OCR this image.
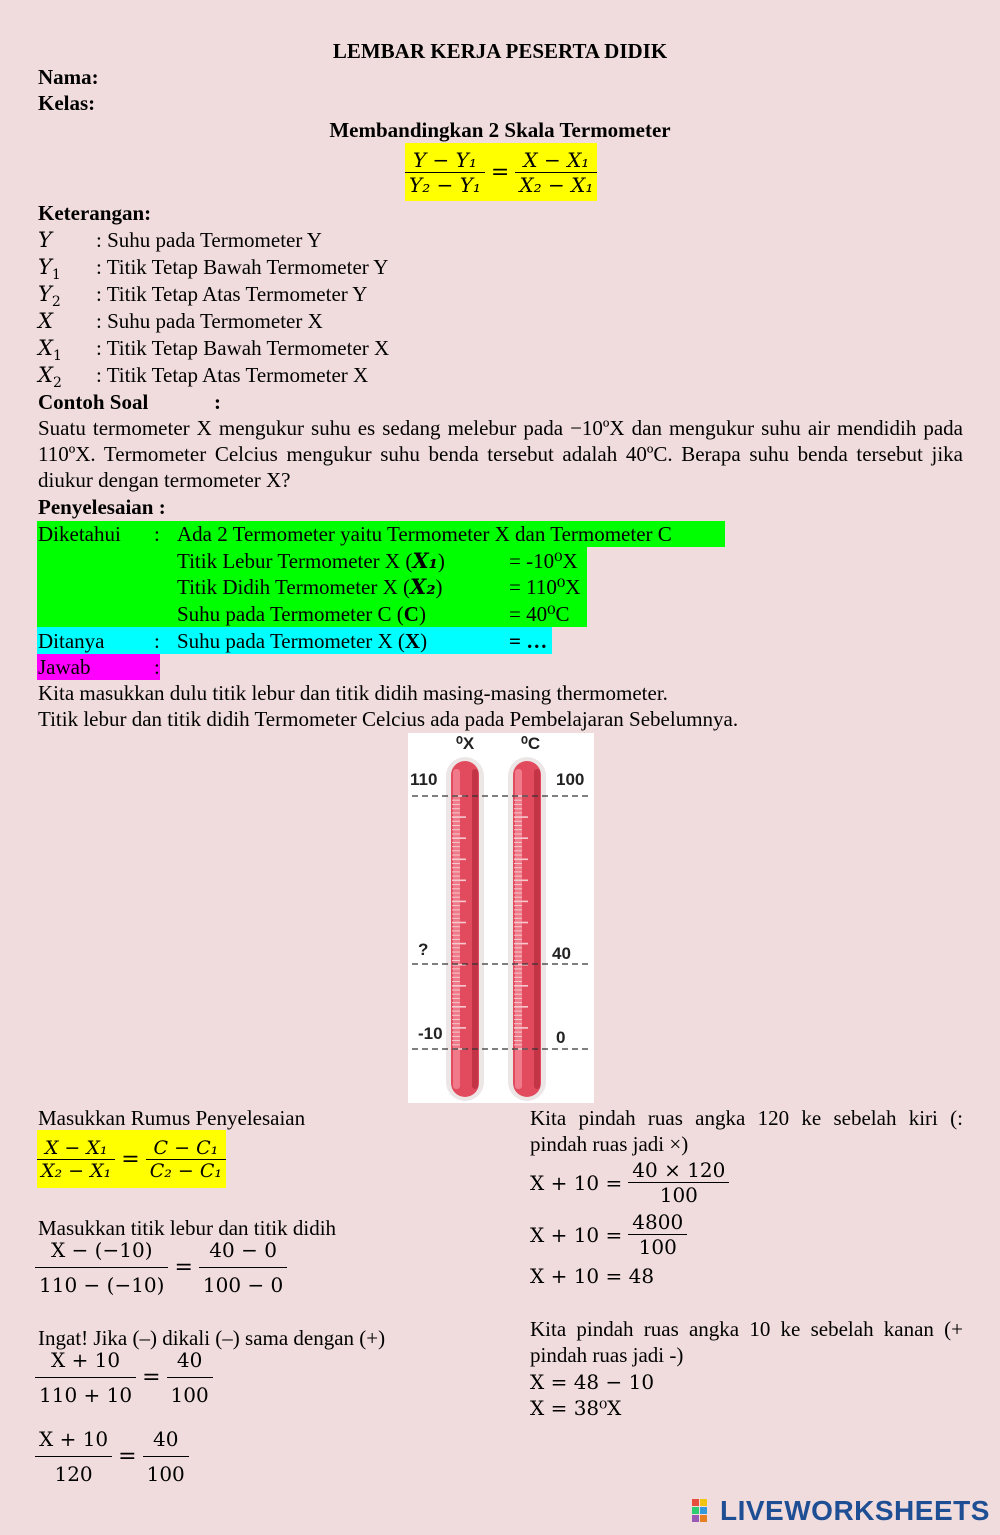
LEMBAR KERJA PESERTA DIDIK
Nama:
Kelas:
Membandingkan 2 Skala Termometer
$\frac{\text{Y − Y₁}}{\text{Y₂ − Y₁}} = \frac{\text{X − X₁}}{\text{X₂ − X₁}}$
Keterangan:
Y : Suhu pada Termometer Y
$Y_1$ : Titik Tetap Bawah Termometer Y
$Y_2$ : Titik Tetap Atas Termometer Y
X : Suhu pada Termometer X
$X_1$ : Titik Tetap Bawah Termometer X
$X_2$ : Titik Tetap Atas Termometer X
Contoh Soal	:
Suatu termometer X mengukur suhu es sedang melebur pada −10ºX dan mengukur suhu air mendidih pada 110ºX. Termometer Celcius mengukur suhu benda tersebut adalah 40ºC. Berapa suhu benda tersebut jika diukur dengan termometer X?
Penyelesaian :
Diketahui : Ada 2 Termometer yaitu Termometer X dan Termometer C
Titik Lebur Termometer X (X₁)	= -10⁰X
Titik Didih Termometer X (X₂)	= 110⁰X
Suhu pada Termometer C (C)	= 40⁰C
Ditanya : Suhu pada Termometer X (X)	= …
Jawab	:
Kita masukkan dulu titik lebur dan titik didih masing-masing thermometer.
Titik lebur dan titik didih Termometer Celcius ada pada Pembelajaran Sebelumnya.
⁰X	⁰C
110	100
?	40
-10	0
Masukkan Rumus Penyelesaian
$\frac{\text{X − X₁}}{\text{X₂ − X₁}} = \frac{\text{C − C₁}}{\text{C₂ − C₁}}$
Masukkan titik lebur dan titik didih
$\frac{X - (-10)}{110 - (-10)} = \frac{40 - 0}{100 - 0}$
Ingat! Jika (–) dikali (–) sama dengan (+)
$\frac{X + 10}{110 + 10} = \frac{40}{100}$
$\frac{X + 10}{120} = \frac{40}{100}$
Kita pindah ruas angka 120 ke sebelah kiri (: pindah ruas jadi ×)
$X + 10 = \frac{40 \times 120}{100}$
$X + 10 = \frac{4800}{100}$
X + 10 = 48
Kita pindah ruas angka 10 ke sebelah kanan (+ pindah ruas jadi -)
X = 48 − 10
X = 38⁰X
LIVEWORKSHEETS
